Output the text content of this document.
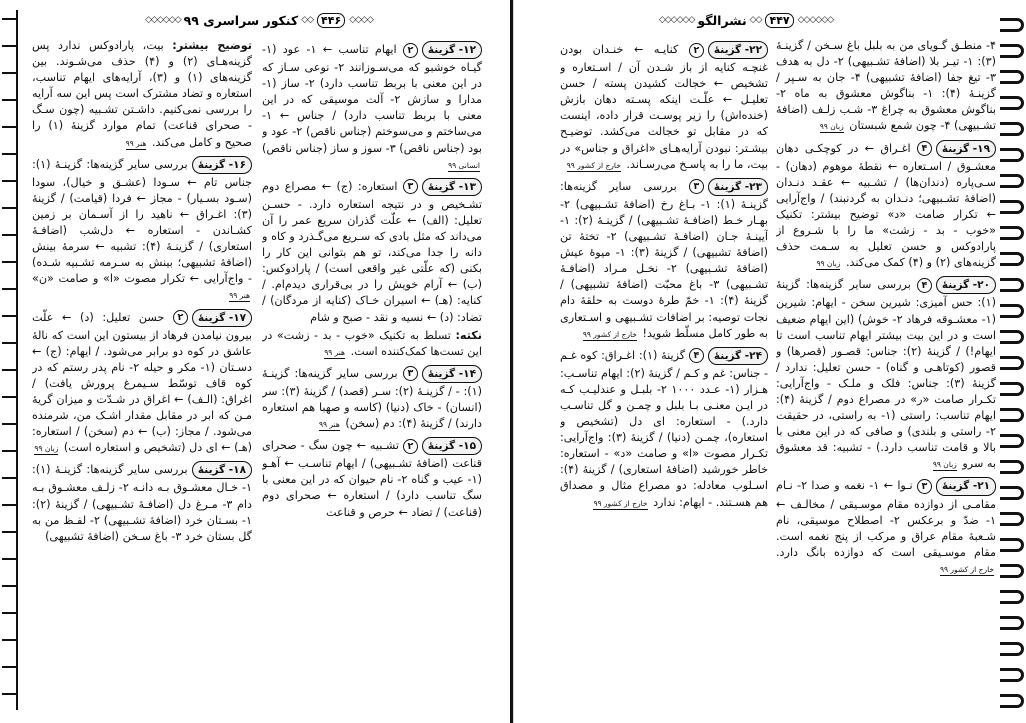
◇◇◇◇
۴۴۶
◇◇
کنکور سراسری ۹۹
◇◇◇◇◇◇

۱۲- گزینۀ
۲
ایهام تناسب ← ۱- عود (۱- گیـاه خوشبو که می‌سـوزانند ۲- نوعی سـاز که در این معنی با بربط تناسب دارد) ۲- ساز (۱- مدارا و سازش ۲- آلت موسیقی که در این معنی با بربط تناسب دارد) / جناس ← ۱- می‌ساختم و می‌سوختم (جناس ناقص) ۲- عود و بود (جناس ناقص) ۳- سوز و ساز (جناس ناقص) انسانی ۹۹

۱۳- گزینۀ
۳
استعاره: (ج) ← مصراع دوم تشـخیص و در نتیجه استعاره دارد. - حسـن تعلیل: (الف) ← علّت گذران سریع عمر را آن می‌داند که مثل بادی که سـریع می‌گـذرد و کاه و دانه را جدا می‌کند، تو هم بتوانی این کار را بکنی (که علّتی غیر واقعی است) / پارادوکس: (ب) ← آرام خویش را در بی‌قراری دیدم‌ام. / کنایه: (هـ) ← اسیران خـاک (کنایه از مردگان) / تضاد: (د) ← نسیه و نقد - صبح و شام

نکته: تسلط به تکنیک «خوب - بد - زشت» در این تست‌ها کمک‌کننده است. هنر ۹۹

۱۴- گزینۀ
۳
بررسی سایر گزینه‌ها: گزینـۀ (۱): - / گزینـۀ (۲): سـر (قصد) / گزینۀ (۳): سر (انسان) - خاک (دنیا) (کاسه و صهبا هم استعاره دارند) / گزینۀ (۴): دم (سخن) هنر ۹۹

۱۵- گزینۀ
۲
تشـبیه ← چون سگ - صحرای قناعت (اضافۀ تشـبیهی) / ایهام تناسـب ← آهـو (۱- عیب و گناه ۲- نام حیوان که در این معنی با سگ تناسب دارد) / استعاره ← صحرای دوم (قناعت) / تضاد ← حرص و قناعت

توضیح بیشتر: بیت، پارادوکس ندارد پس گزینه‌هـای (۲) و (۴) حذف می‌شـوند. بین گزینه‌های (۱) و (۳)، آرایه‌های ایهام تناسب، استعاره و تضاد مشترک است پس این سه آرایه را بررسی نمی‌کنیم. داشـتن تشـبیه (چون سـگ - صحرای قناعت) تمام موارد گزینۀ (۱) را صحیح و کامل می‌کند. هنر ۹۹

۱۶- گزینۀ
بررسی سایر گزینه‌ها: گزینـۀ (۱): جناس تام ← سـودا (عشـق و خیال)، سودا (سـود بسـیار) - مجاز ← فردا (قیامت) / گزینۀ (۳): اغـراق ← ناهید را از آسـمان بر زمین کشـاندن - استعاره ← دل‌شب (اضافـۀ استعاری) / گزینـۀ (۴): تشبیه ← سرمۀ بینش (اضافۀ تشبیهی؛ بینش به سـرمه تشـبیه شـده) - واج‌آرایی ← تکرار مصوت «ا» و صامت «ن» هنر ۹۹

۱۷- گزینۀ
۲
حسن تعلیل: (د) ← علّت بیرون نیامدن فرهاد از بیستون این است که نالۀ عاشق در کوه دو برابر می‌شود. / ایهام: (ج) ← دسـتان (۱- مکر و حیله ۲- نام پدر رستم که در کوه قاف توسّط سـیمرغ پرورش یافت) / اغراق: (الـف) ← اغراق در شـدّت و میزان گریۀ مـن که ابر در مقابل مقدار اشـک من، شرمنده می‌شود. / مجاز: (ب) ← دم (سخن) / استعاره: (هـ) ← ای دل (تشخیص و استعاره است) زبان ۹۹

۱۸- گزینۀ
بررسی سایر گزینه‌ها: گزینـۀ (۱): ۱- خـال معشـوق بـه دانـه ۲- زلـف معشـوق بـه دام ۳- مـرغ دل (اضافـۀ تشـبیهی) / گزینۀ (۲): ۱- بسـتان خرد (اضافۀ تشـبیهی) ۲- لفـظ من به گل بستان خرد ۳- باغ سـخن (اضافۀ تشبیهی)

◇◇◇◇◇◇
۴۴۷
◇◇
نشرالگو
◇◇◇◇◇◇

۴- منطـق گـویای من به بلبل باغ سـخن / گزینـۀ (۳): ۱- تیـر بلا (اضافۀ تشـبیهی) ۲- دل به هدف ۳- تیغ جفا (اضافۀ تشبیهی) ۴- جان به سـپر / گزینـۀ (۴): ۱- بناگوش معشوق به ماه ۲- بناگوش معشوق به چراغ ۳- شـب زلـف (اضافۀ تشـبیهی) ۴- چون شمع شبستان زبان ۹۹

۱۹- گزینۀ
۴
اغـراق ← در کوچکـی دهان معشـوق / اسـتعاره ← نقطۀ موهوم (دهان) - سـی‌پاره (دندان‌ها) / تشـبیه ← عقـد دنـدان (اضافۀ تشـبیهی؛ دنـدان به گردنبند) / واج‌آرایی ← تکرار صامت «د» توضیح بیشتر: تکنیک «خوب - بد - زشت» ما را با شـروع از پارادوکس و حسن تعلیل به سـمت حذف گزینه‌های (۲) و (۴) کمک می‌کند. زبان ۹۹

۲۰- گزینۀ
۴
بررسی سایر گزینه‌ها: گزینۀ (۱): حس آمیزی: شیرین سخن - ایهام: شیرین (۱- معشـوقه فرهاد ۲- خوش) (این ایهام ضعیف است و در این بیت بیشتر ایهام تناسب است تا ایهام!) / گزینۀ (۲): جناس: قصـور (قصرها) و قصور (کوتاهـی و گناه) - حسن تعلیل: ندارد / گزینۀ (۳): جناس: فلک و ملـک - واج‌آرایی: تکـرار صامت «ر» در مصراع دوم / گزینۀ (۴): ایهام تناسب: راستی (۱- به راستی، در حقیقت ۲- راستی و بلندی) و صافی که در این معنی با بالا و قامت تناسب دارد.) - تشبیه: قد معشوق به سرو زبان ۹۹

۲۱- گزینۀ
۳
نـوا ← ۱- نغمه و صدا ۲- نـام مقامـی از دوازده مقام موسـیقی / مخالـف ← ۱- ضدّ و برعکس ۲- اصطلاح موسیقی، نام شـعبۀ مقام عراق و مرکب از پنج نغمه است. مقام موسـیقی است که دوازده بانگ دارد. خارج از کشور ۹۹

۲۲- گزینۀ
۲
کنایـه ← خنـدان بودن غنچـه کنایه از باز شـدن آن / اسـتعاره و تشخیص ← خجالت کشیدن پسته / حسن تعلیـل ← علّـت اینکه پسـته دهان بازش (خنده‌اش) را زیر پوسـت قرار داده، اینست که در مقابل تو خجالت می‌کشد. توضیـح بیشـتر: نبودن آرایه‌هـای «اغراق و جناس» در بیت، ما را به پاسـخ می‌رسـاند. خارج از کشور ۹۹

۲۳- گزینۀ
۳
بررسی سایر گزینه‌ها: گزینـۀ (۱): ۱- بـاغ رخ (اضافۀ تشـبیهی) ۲- بهـار خـط (اضافـۀ تشـبیهی) / گزینـۀ (۲): ۱- آیینـۀ جـان (اضافـۀ تشـبیهی) ۲- تختۀ تن (اضافۀ تشبیهی) / گزینۀ (۳): ۱- میوۀ عیش (اضافۀ تشـبیهی) ۲- نخـل مـراد (اضافـۀ تشـبیهی) ۳- باغ محبّت (اضافۀ تشبیهی) / گزینۀ (۴): ۱- خمّ طرۀ دوست به حلقۀ دام نجات توصیه: بر اضافات تشـبیهی و اسـتعاری به طور کامل مسلّط شوید! خارج از کشور ۹۹

۲۴- گزینۀ
۴
گزینۀ (۱): اغـراق: کوه غـم - جناس: غم و کـم / گزینۀ (۲): ایهام تناسـب: هـزار (۱- عـدد ۱۰۰۰ ۲- بلبـل و عندلیـب کـه در ایـن معنـی بـا بلبل و چمـن و گل تناسـب دارد.) - استعاره: ای دل (تشخیص و استعاره)، چمـن (دنیا) / گزینۀ (۳): واج‌آرایی: تکـرار مصوت «ا» و صامت «د» - استعاره: خاطر خورشید (اضافۀ استعاری) / گزینۀ (۴): اسـلوب معادله: دو مصراع مثال و مصداق هم هسـتند. - ایهام: ندارد خارج از کشور ۹۹
